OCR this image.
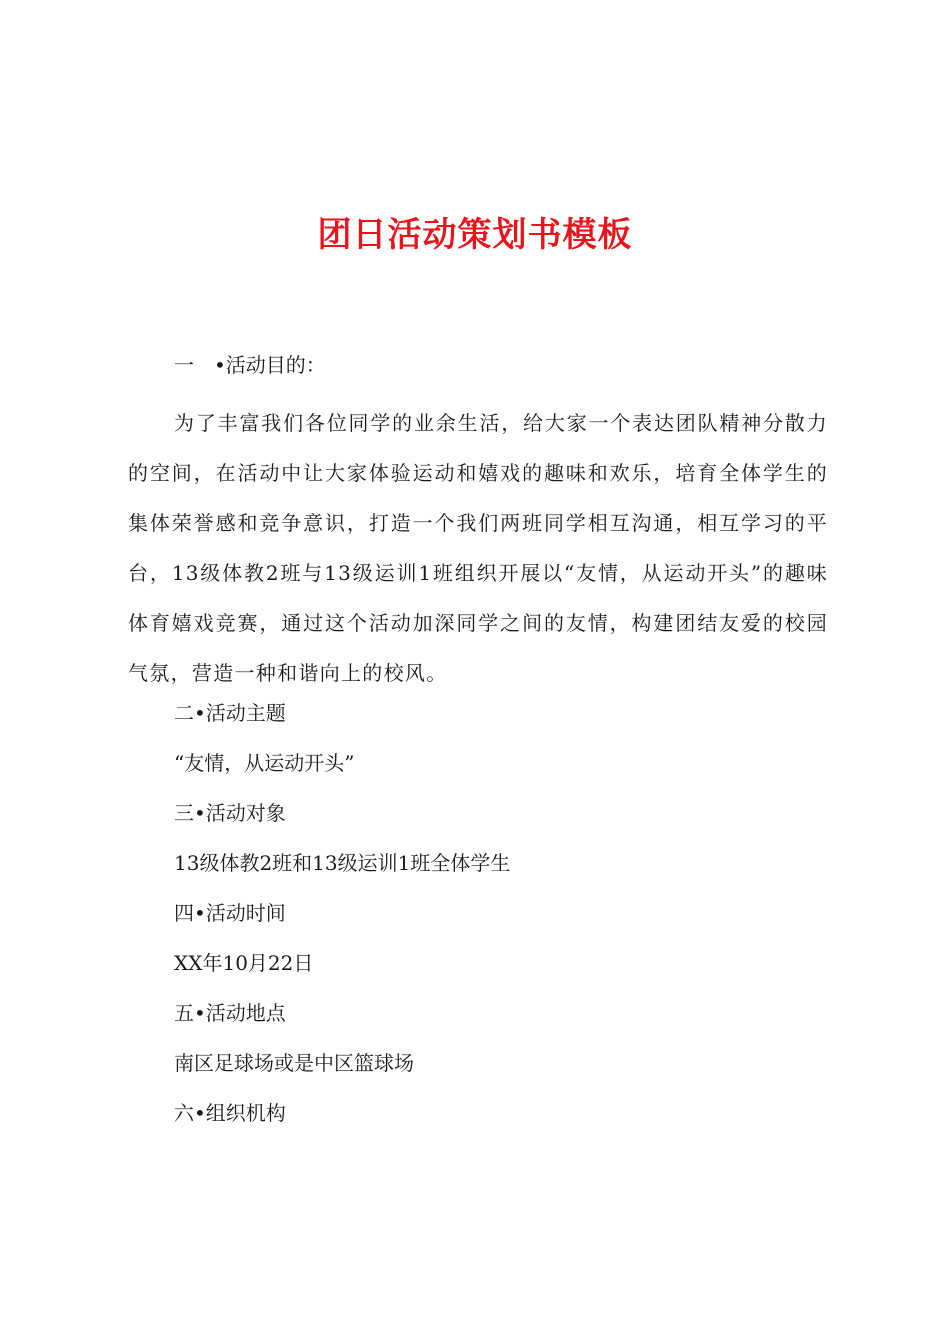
团日活动策划书模板
一　•活动目的：
为了丰富我们各位同学的业余生活，给大家一个表达团队精神分散力的空间，在活动中让大家体验运动和嬉戏的趣味和欢乐，培育全体学生的集体荣誉感和竞争意识，打造一个我们两班同学相互沟通，相互学习的平台，13级体教2班与13级运训1班组织开展以“友情，从运动开头”的趣味体育嬉戏竞赛，通过这个活动加深同学之间的友情，构建团结友爱的校园气氛，营造一种和谐向上的校风。
二•活动主题
“友情，从运动开头”
三•活动对象
13级体教2班和13级运训1班全体学生
四•活动时间
XX年10月22日
五•活动地点
南区足球场或是中区篮球场
六•组织机构
